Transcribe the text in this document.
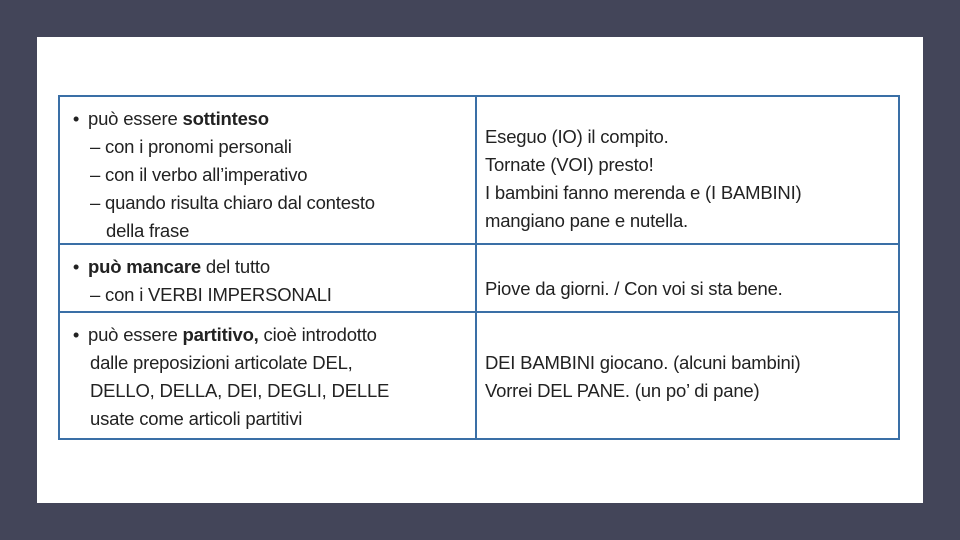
• può essere sottinteso
– con i pronomi personali
– con il verbo all’imperativo
– quando risulta chiaro dal contesto
della frase
Eseguo (IO) il compito.
Tornate (VOI) presto!
I bambini fanno merenda e (I BAMBINI)
mangiano pane e nutella.
• può mancare del tutto
– con i VERBI IMPERSONALI	Piove da giorni. / Con voi si sta bene.
• può essere partitivo, cioè introdotto
dalle preposizioni articolate DEL,
DELLO, DELLA, DEI, DEGLI, DELLE
usate come articoli partitivi
DEI BAMBINI giocano. (alcuni bambini)
Vorrei DEL PANE. (un po’ di pane)
